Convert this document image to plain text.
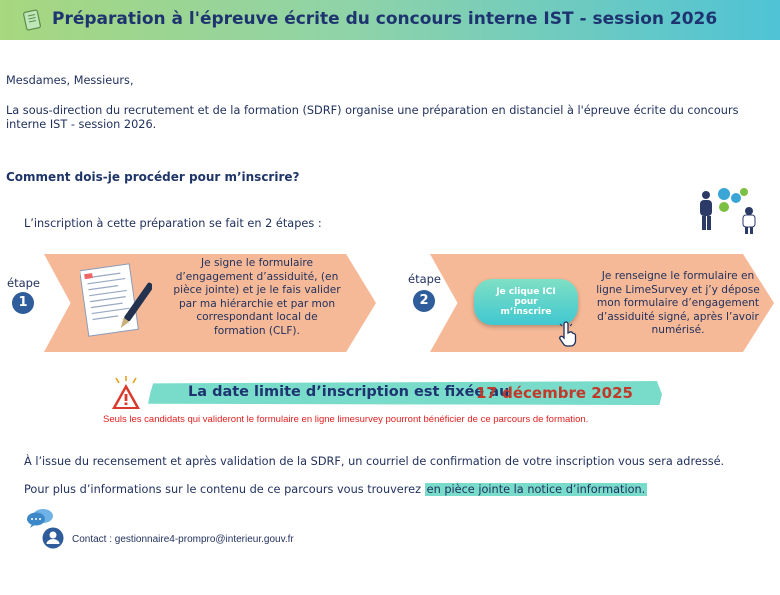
Préparation à l'épreuve écrite du concours interne IST - session 2026
Mesdames, Messieurs,
La sous-direction du recrutement et de la formation (SDRF) organise une préparation en distanciel à l'épreuve écrite du concours
interne IST - session 2026.
Comment dois-je procéder pour m’inscrire?
L’inscription à cette préparation se fait en 2 étapes :
étape
1
Je signe le formulaire
d’engagement d’assiduité, (en
pièce jointe) et je le fais valider
par ma hiérarchie et par mon
correspondant local de
formation (CLF).
étape
2
Je clique ICI
pour
m’inscrire
Je renseigne le formulaire en
ligne LimeSurvey et j’y dépose
mon formulaire d’engagement
d’assiduité signé, après l’avoir
numérisé.
La date limite d’inscription est fixée au
17 décembre 2025
Seuls les candidats qui valideront le formulaire en ligne limesurvey pourront bénéficier de ce parcours de formation.
À l’issue du recensement et après validation de la SDRF, un courriel de confirmation de votre inscription vous sera adressé.
Pour plus d’informations sur le contenu de ce parcours vous trouverez en pièce jointe la notice d’information.
Contact : gestionnaire4-prompro@interieur.gouv.fr
